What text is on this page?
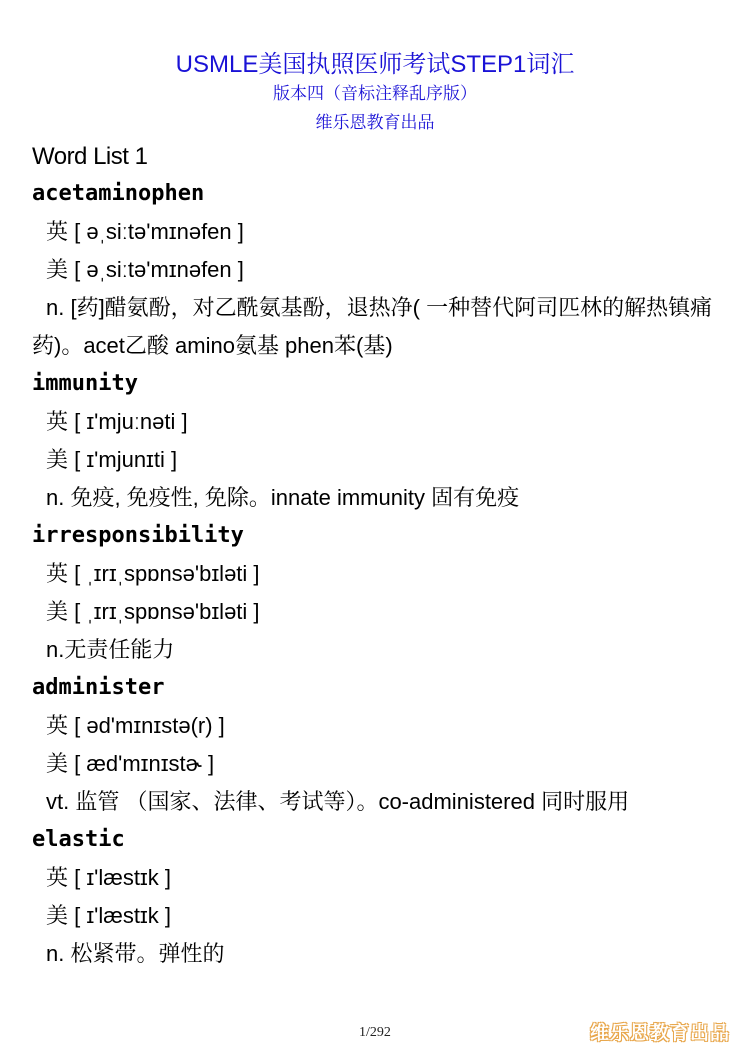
USMLE美国执照医师考试STEP1词汇
版本四（音标注释乱序版）
维乐恩教育出品
Word List 1
acetaminophen
英 [ əˌsiːtə'mɪnəfen ]
美 [ əˌsiːtə'mɪnəfen ]
n. [药]醋氨酚，对乙酰氨基酚，退热净( 一种替代阿司匹林的解热镇痛药)。acet乙酸 amino氨基 phen苯(基)
immunity
英 [ ɪ'mjuːnəti ]
美 [ ɪ'mjunɪti ]
n. 免疫, 免疫性, 免除。innate immunity 固有免疫
irresponsibility
英 [ ˌɪrɪˌspɒnsə'bɪləti ]
美 [ ˌɪrɪˌspɒnsə'bɪləti ]
n.无责任能力
administer
英 [ əd'mɪnɪstə(r) ]
美 [ æd'mɪnɪstɚ ]
vt. 监管 （国家、法律、考试等）。co-administered 同时服用
elastic
英 [ ɪ'læstɪk ]
美 [ ɪ'læstɪk ]
n. 松紧带。弹性的
1/292	维乐恩教育出品
